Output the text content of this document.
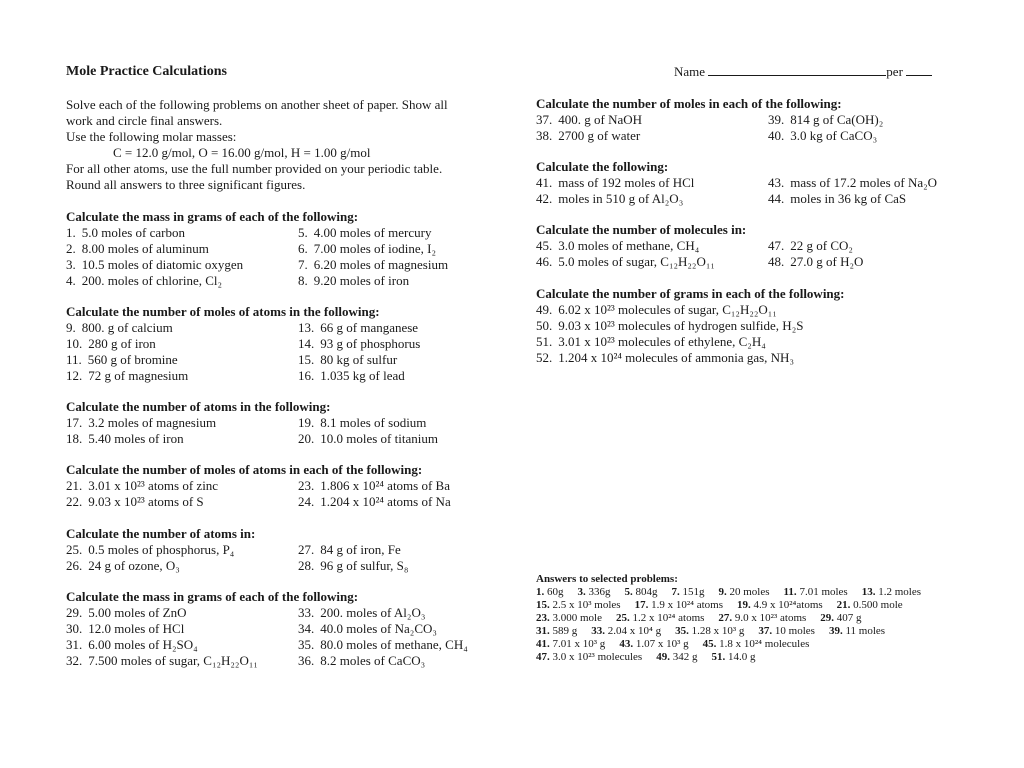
Mole Practice Calculations	Name	per
Solve each of the following problems on another sheet of paper. Show all
work and circle final answers.
Use the following molar masses:
C = 12.0 g/mol, O = 16.00 g/mol, H = 1.00 g/mol
For all other atoms, use the full number provided on your periodic table.
Round all answers to three significant figures.
Calculate the mass in grams of each of the following:
1. 5.0 moles of carbon	5. 4.00 moles of mercury
2. 8.00 moles of aluminum	6. 7.00 moles of iodine, I₂
3. 10.5 moles of diatomic oxygen	7. 6.20 moles of magnesium
4. 200. moles of chlorine, Cl₂	8. 9.20 moles of iron
Calculate the number of moles of atoms in the following:
9. 800. g of calcium	13. 66 g of manganese
10. 280 g of iron	14. 93 g of phosphorus
11. 560 g of bromine	15. 80 kg of sulfur
12. 72 g of magnesium	16. 1.035 kg of lead
Calculate the number of atoms in the following:
17. 3.2 moles of magnesium	19. 8.1 moles of sodium
18. 5.40 moles of iron	20. 10.0 moles of titanium
Calculate the number of moles of atoms in each of the following:
21. 3.01 x 10²³ atoms of zinc	23. 1.806 x 10²⁴ atoms of Ba
22. 9.03 x 10²³ atoms of S	24. 1.204 x 10²⁴ atoms of Na
Calculate the number of atoms in:
25. 0.5 moles of phosphorus, P₄	27. 84 g of iron, Fe
26. 24 g of ozone, O₃	28. 96 g of sulfur, S₈
Calculate the mass in grams of each of the following:
29. 5.00 moles of ZnO	33. 200. moles of Al₂O₃
30. 12.0 moles of HCl	34. 40.0 moles of Na₂CO₃
31. 6.00 moles of H₂SO₄	35. 80.0 moles of methane, CH₄
32. 7.500 moles of sugar, C₁₂H₂₂O₁₁	36. 8.2 moles of CaCO₃
Calculate the number of moles in each of the following:
37. 400. g of NaOH	39. 814 g of Ca(OH)₂
38. 2700 g of water	40. 3.0 kg of CaCO₃
Calculate the following:
41. mass of 192 moles of HCl	43. mass of 17.2 moles of Na₂O
42. moles in 510 g of Al₂O₃	44. moles in 36 kg of CaS
Calculate the number of molecules in:
45. 3.0 moles of methane, CH₄	47. 22 g of CO₂
46. 5.0 moles of sugar, C₁₂H₂₂O₁₁	48. 27.0 g of H₂O
Calculate the number of grams in each of the following:
49. 6.02 x 10²³ molecules of sugar, C₁₂H₂₂O₁₁
50. 9.03 x 10²³ molecules of hydrogen sulfide, H₂S
51. 3.01 x 10²³ molecules of ethylene, C₂H₄
52. 1.204 x 10²⁴ molecules of ammonia gas, NH₃
Answers to selected problems:
1. 60g 3. 336g 5. 804g 7. 151g 9. 20 moles 11. 7.01 moles 13. 1.2 moles
15. 2.5 x 10³ moles 17. 1.9 x 10²⁴ atoms 19. 4.9 x 10²⁴atoms 21. 0.500 mole
23. 3.000 mole 25. 1.2 x 10²⁴ atoms 27. 9.0 x 10²³ atoms 29. 407 g
31. 589 g 33. 2.04 x 10⁴ g 35. 1.28 x 10³ g 37. 10 moles 39. 11 moles
41. 7.01 x 10³ g 43. 1.07 x 10³ g 45. 1.8 x 10²⁴ molecules
47. 3.0 x 10²³ molecules 49. 342 g 51. 14.0 g
